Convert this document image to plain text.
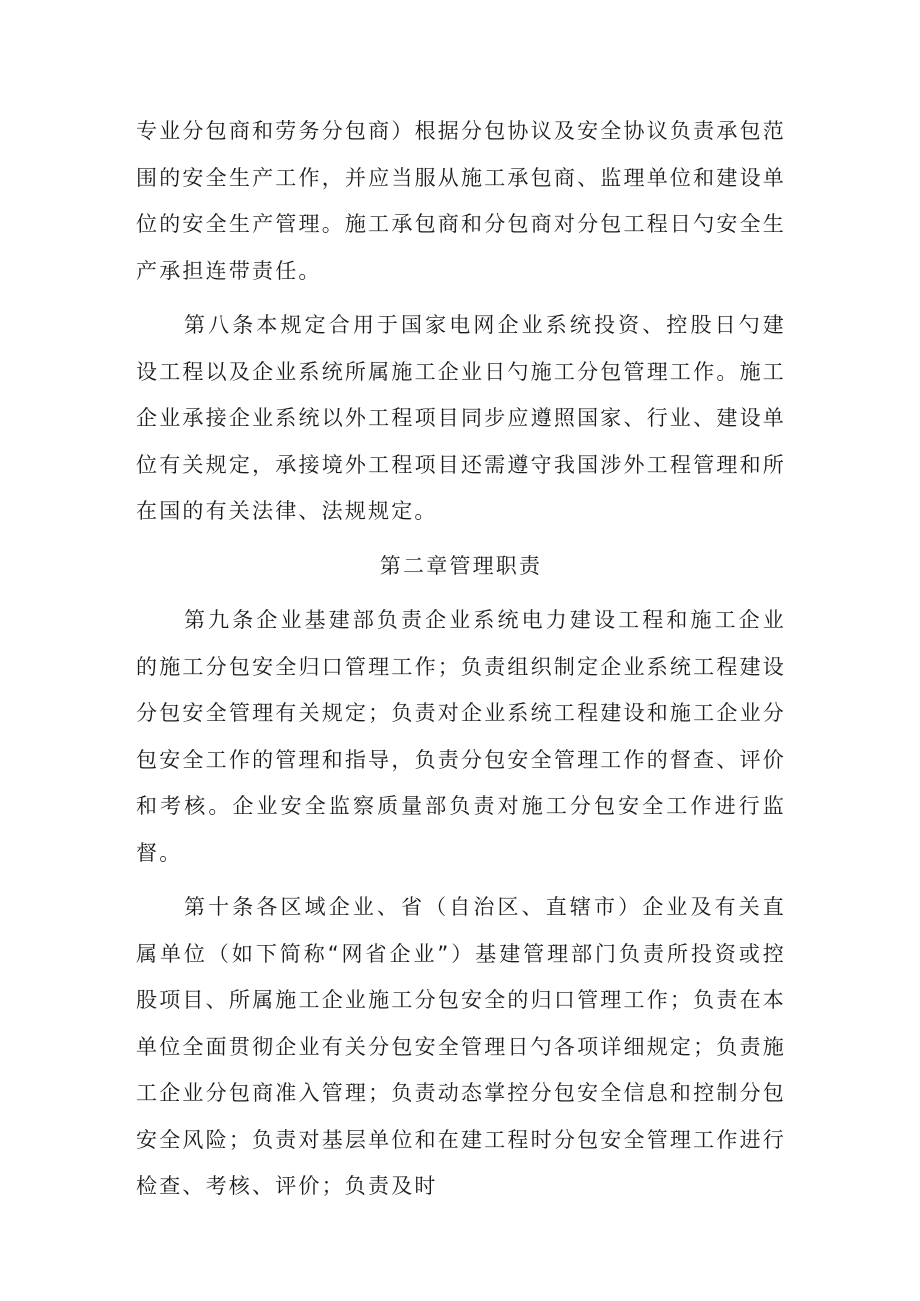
专业分包商和劳务分包商）根据分包协议及安全协议负责承包范围的安全生产工作，并应当服从施工承包商、监理单位和建设单位的安全生产管理。施工承包商和分包商对分包工程日勺安全生产承担连带责任。

第八条本规定合用于国家电网企业系统投资、控股日勺建设工程以及企业系统所属施工企业日勺施工分包管理工作。施工企业承接企业系统以外工程项目同步应遵照国家、行业、建设单位有关规定，承接境外工程项目还需遵守我国涉外工程管理和所在国的有关法律、法规规定。

第二章管理职责

第九条企业基建部负责企业系统电力建设工程和施工企业的施工分包安全归口管理工作；负责组织制定企业系统工程建设分包安全管理有关规定；负责对企业系统工程建设和施工企业分包安全工作的管理和指导，负责分包安全管理工作的督查、评价和考核。企业安全监察质量部负责对施工分包安全工作进行监督。

第十条各区域企业、省（自治区、直辖市）企业及有关直属单位（如下简称“网省企业”）基建管理部门负责所投资或控股项目、所属施工企业施工分包安全的归口管理工作；负责在本单位全面贯彻企业有关分包安全管理日勺各项详细规定；负责施工企业分包商准入管理；负责动态掌控分包安全信息和控制分包安全风险；负责对基层单位和在建工程时分包安全管理工作进行检查、考核、评价；负责及时
